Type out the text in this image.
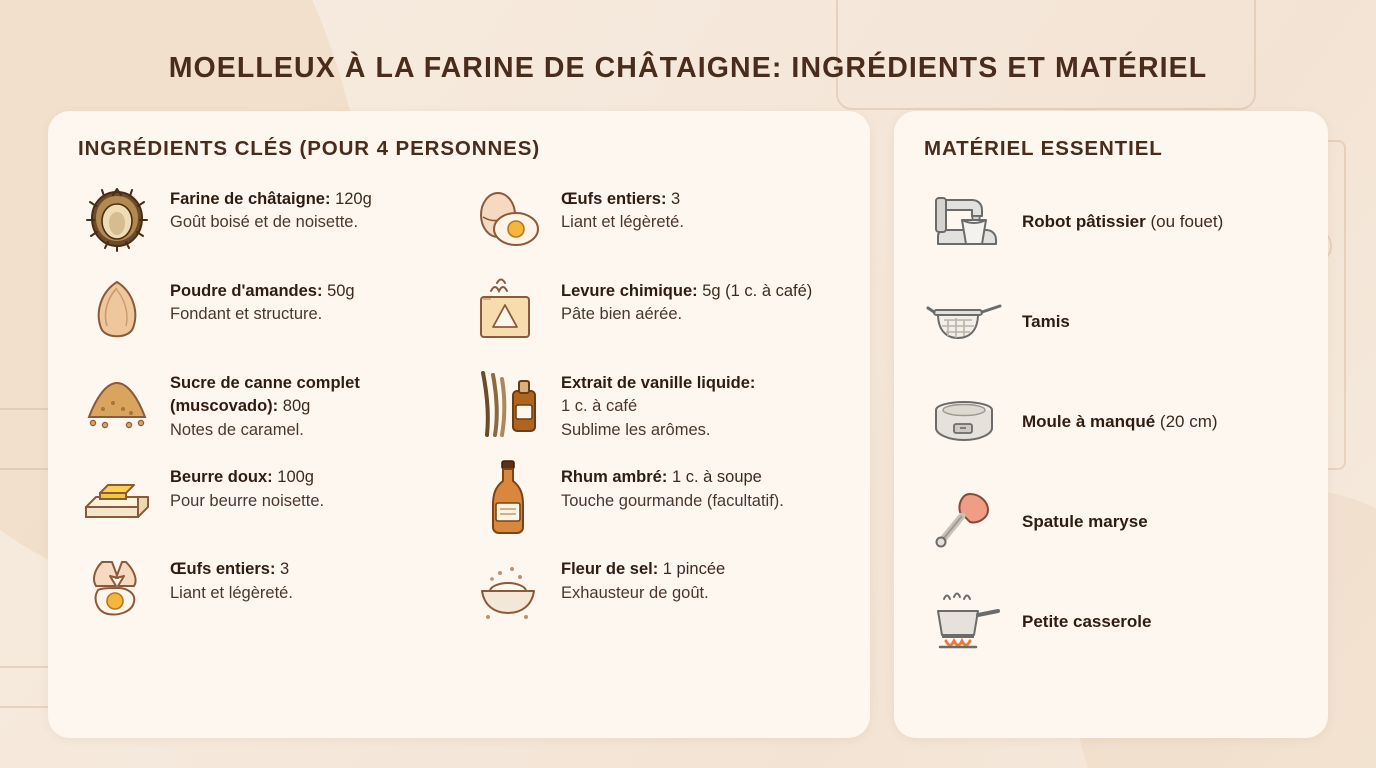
MOELLEUX À LA FARINE DE CHÂTAIGNE: INGRÉDIENTS ET MATÉRIEL
INGRÉDIENTS CLÉS (POUR 4 PERSONNES)
Farine de châtaigne: 120g
Goût boisé et de noisette.
Œufs entiers: 3
Liant et légèreté.
Poudre d'amandes: 50g
Fondant et structure.
Levure chimique: 5g (1 c. à café)
Pâte bien aérée.
Sucre de canne complet (muscovado): 80g
Notes de caramel.
Extrait de vanille liquide:
1 c. à café
Sublime les arômes.
Beurre doux: 100g
Pour beurre noisette.
Rhum ambré: 1 c. à soupe
Touche gourmande (facultatif).
Œufs entiers: 3
Liant et légèreté.
Fleur de sel: 1 pincée
Exhausteur de goût.
MATÉRIEL ESSENTIEL
Robot pâtissier
(ou fouet)
Tamis
Moule à manqué
(20 cm)
Spatule maryse
Petite casserole
